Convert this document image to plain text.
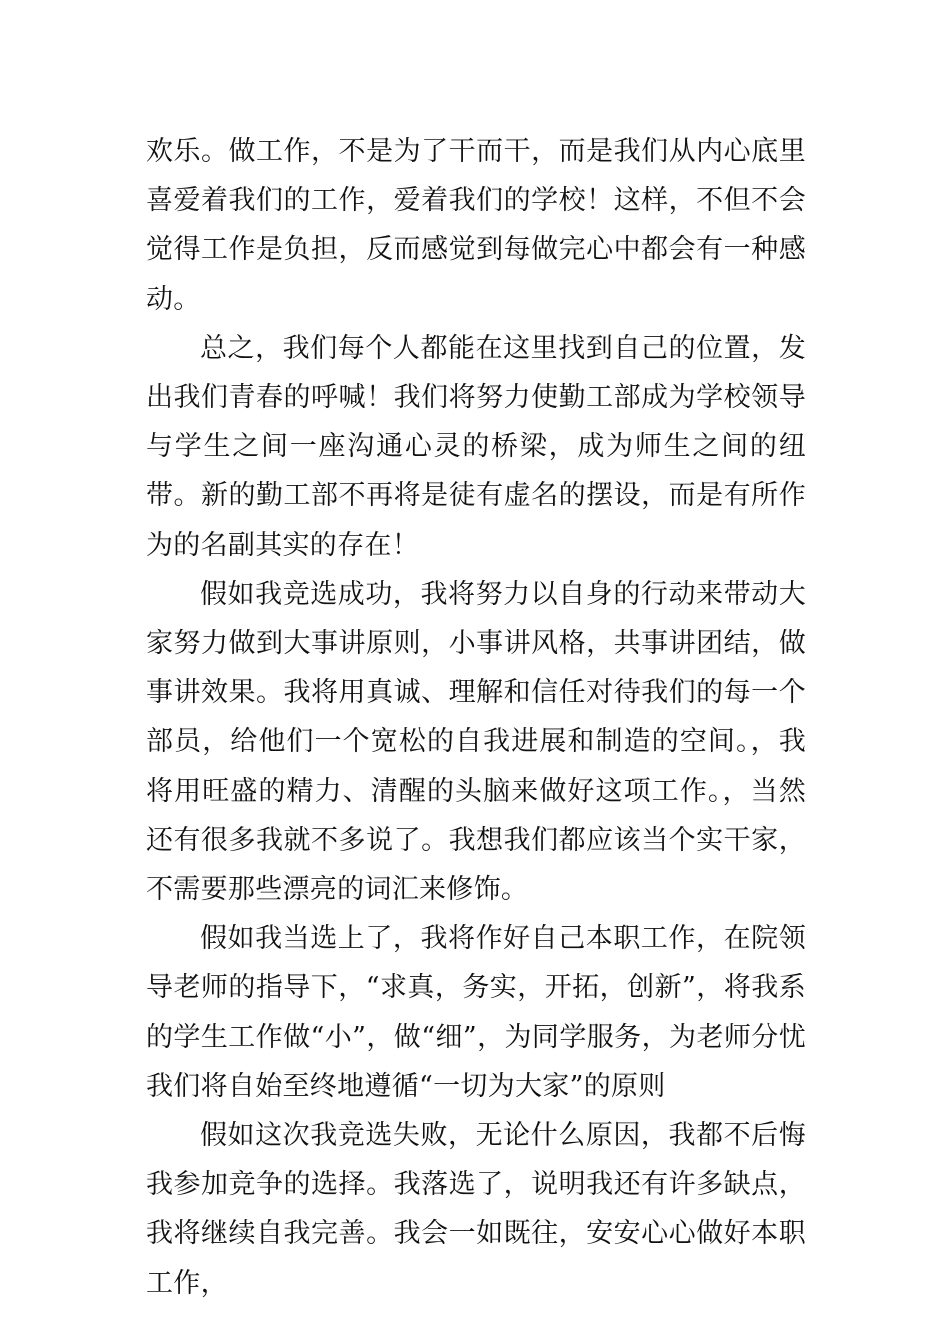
欢乐。做工作，不是为了干而干，而是我们从内心底里喜爱着我们的工作，爱着我们的学校！这样，不但不会觉得工作是负担，反而感觉到每做完心中都会有一种感动。

总之，我们每个人都能在这里找到自己的位置，发出我们青春的呼喊！我们将努力使勤工部成为学校领导与学生之间一座沟通心灵的桥梁，成为师生之间的纽带。新的勤工部不再将是徒有虚名的摆设，而是有所作为的名副其实的存在！

假如我竞选成功，我将努力以自身的行动来带动大家努力做到大事讲原则，小事讲风格，共事讲团结，做事讲效果。我将用真诚、理解和信任对待我们的每一个部员，给他们一个宽松的自我进展和制造的空间。，我将用旺盛的精力、清醒的头脑来做好这项工作。，当然还有很多我就不多说了。我想我们都应该当个实干家，不需要那些漂亮的词汇来修饰。

假如我当选上了，我将作好自己本职工作，在院领导老师的指导下，“求真，务实，开拓，创新”，将我系的学生工作做“小”，做“细”，为同学服务，为老师分忧我们将自始至终地遵循“一切为大家”的原则

假如这次我竞选失败，无论什么原因，我都不后悔我参加竞争的选择。我落选了，说明我还有许多缺点，我将继续自我完善。我会一如既往，安安心心做好本职工作，
